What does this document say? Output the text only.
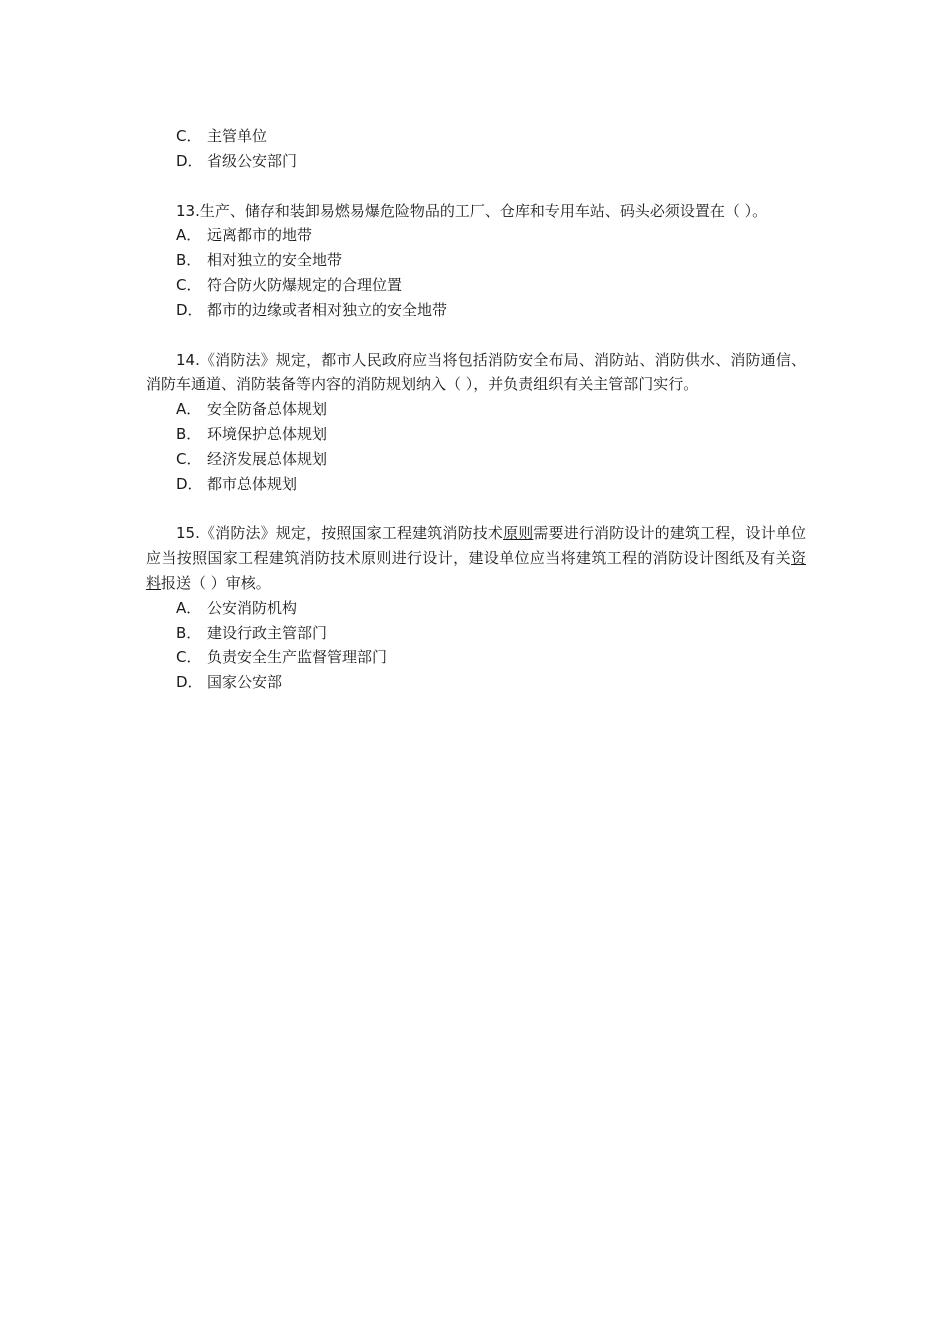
C． 主管单位
D． 省级公安部门
13.生产、储存和装卸易燃易爆危险物品的工厂、仓库和专用车站、码头必须设置在（ ）。
A． 远离都市的地带
B． 相对独立的安全地带
C． 符合防火防爆规定的合理位置
D． 都市的边缘或者相对独立的安全地带
14.《消防法》规定，都市人民政府应当将包括消防安全布局、消防站、消防供水、消防通信、消防车通道、消防装备等内容的消防规划纳入（ ），并负责组织有关主管部门实行。
A． 安全防备总体规划
B． 环境保护总体规划
C． 经济发展总体规划
D． 都市总体规划
15.《消防法》规定，按照国家工程建筑消防技术原则需要进行消防设计的建筑工程，设计单位应当按照国家工程建筑消防技术原则进行设计，建设单位应当将建筑工程的消防设计图纸及有关资料报送（ ）审核。
A． 公安消防机构
B． 建设行政主管部门
C． 负责安全生产监督管理部门
D． 国家公安部
